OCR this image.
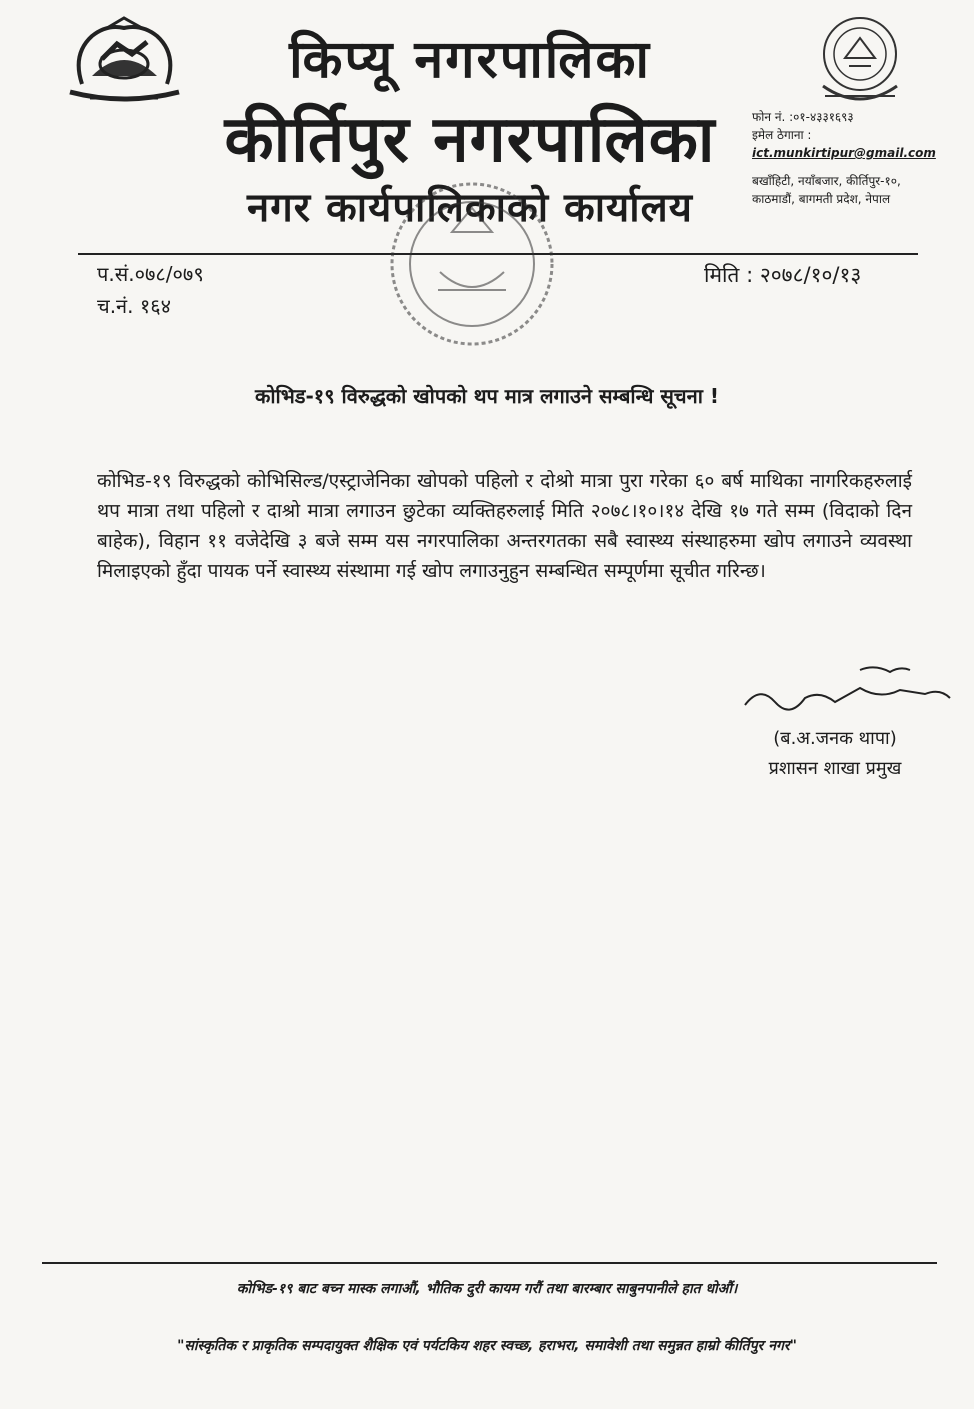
किप्यू नगरपालिका
कीर्तिपुर नगरपालिका
नगर कार्यपालिकाको कार्यालय
फोन नं. :०१-४३३१६९३
इमेल ठेगाना :
ict.munkirtipur@gmail.com
बखाँहिटी, नयाँबजार, कीर्तिपुर-१०,
काठमाडौं, बागमती प्रदेश, नेपाल
प.सं.०७८/०७९
च.नं. १६४
मिति : २०७८/१०/१३
कोभिड-१९ विरुद्धको खोपको थप मात्र लगाउने सम्बन्धि सूचना !
कोभिड-१९ विरुद्धको कोभिसिल्ड/एस्ट्राजेनिका खोपको पहिलो र दोश्रो मात्रा पुरा गरेका ६० बर्ष माथिका नागरिकहरुलाई थप मात्रा तथा पहिलो र दाश्रो मात्रा लगाउन छुटेका व्यक्तिहरुलाई मिति २०७८।१०।१४ देखि १७ गते सम्म (विदाको दिन बाहेक), विहान ११ वजेदेखि ३ बजे सम्म यस नगरपालिका अन्तरगतका सबै स्वास्थ्य संस्थाहरुमा खोप लगाउने व्यवस्था मिलाइएको हुँदा पायक पर्ने स्वास्थ्य संस्थामा गई खोप लगाउनुहुन सम्बन्धित सम्पूर्णमा सूचीत गरिन्छ।
(ब.अ.जनक थापा)
प्रशासन शाखा प्रमुख
कोभिड-१९ बाट बच्न मास्क लगाऔं, भौतिक दुरी कायम गरौं तथा बारम्बार साबुनपानीले हात धोऔं।
"सांस्कृतिक र प्राकृतिक सम्पदायुक्त शैक्षिक एवं पर्यटकिय शहर स्वच्छ, हराभरा, समावेशी तथा समुन्नत हाम्रो कीर्तिपुर नगर"
